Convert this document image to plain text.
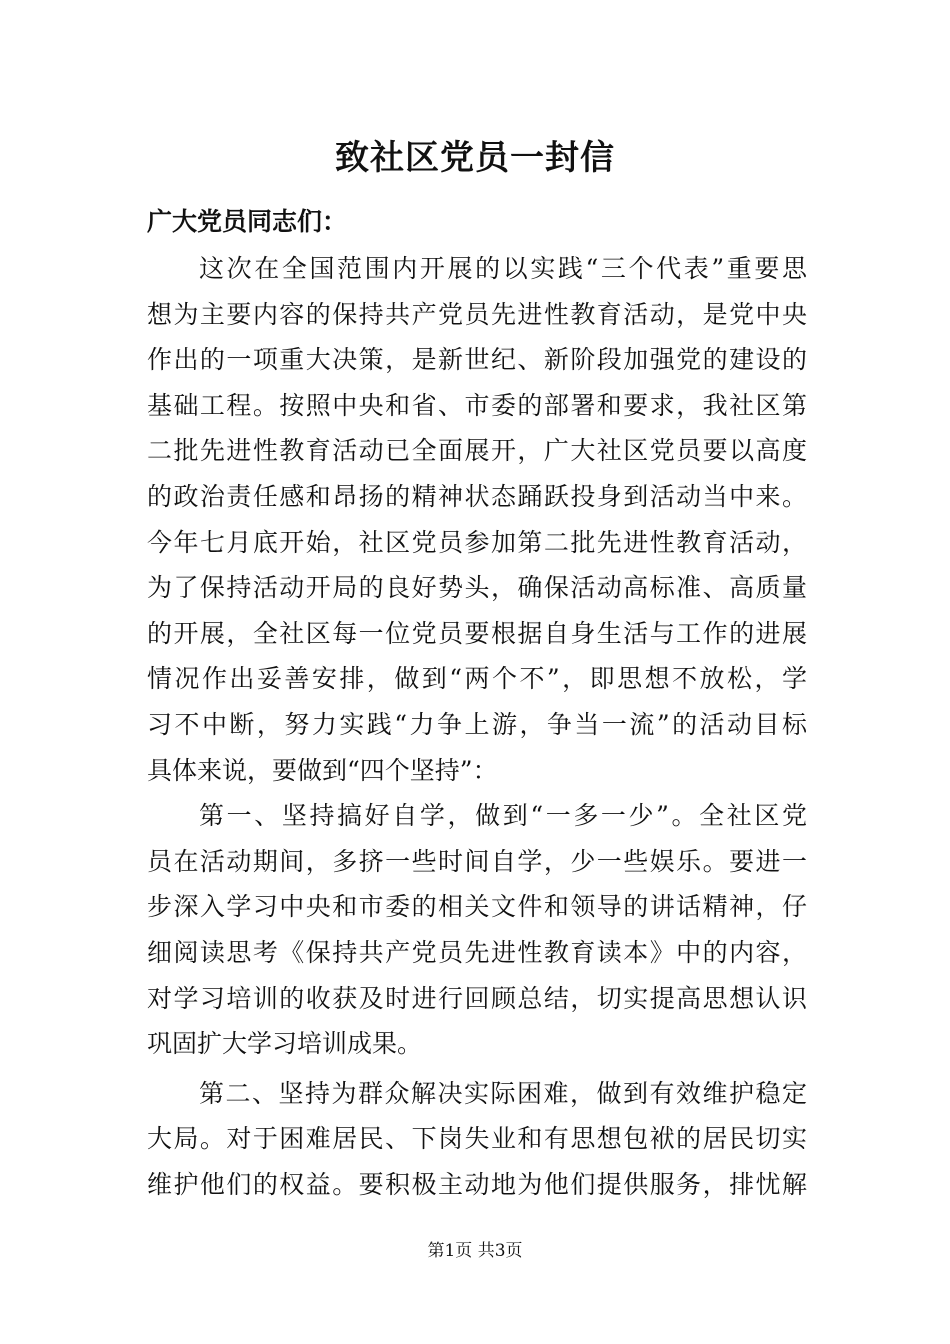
致社区党员一封信
广大党员同志们：
这次在全国范围内开展的以实践“三个代表”重要思
想为主要内容的保持共产党员先进性教育活动，是党中央
作出的一项重大决策，是新世纪、新阶段加强党的建设的
基础工程。按照中央和省、市委的部署和要求，我社区第
二批先进性教育活动已全面展开，广大社区党员要以高度
的政治责任感和昂扬的精神状态踊跃投身到活动当中来。
今年七月底开始，社区党员参加第二批先进性教育活动，
为了保持活动开局的良好势头，确保活动高标准、高质量
的开展，全社区每一位党员要根据自身生活与工作的进展
情况作出妥善安排，做到“两个不”，即思想不放松，学
习不中断，努力实践“力争上游，争当一流”的活动目标
具体来说，要做到“四个坚持”：
第一、坚持搞好自学，做到“一多一少”。全社区党
员在活动期间，多挤一些时间自学，少一些娱乐。要进一
步深入学习中央和市委的相关文件和领导的讲话精神，仔
细阅读思考《保持共产党员先进性教育读本》中的内容，
对学习培训的收获及时进行回顾总结，切实提高思想认识
巩固扩大学习培训成果。
第二、坚持为群众解决实际困难，做到有效维护稳定
大局。对于困难居民、下岗失业和有思想包袱的居民切实
维护他们的权益。要积极主动地为他们提供服务，排忧解
第1页 共3页
